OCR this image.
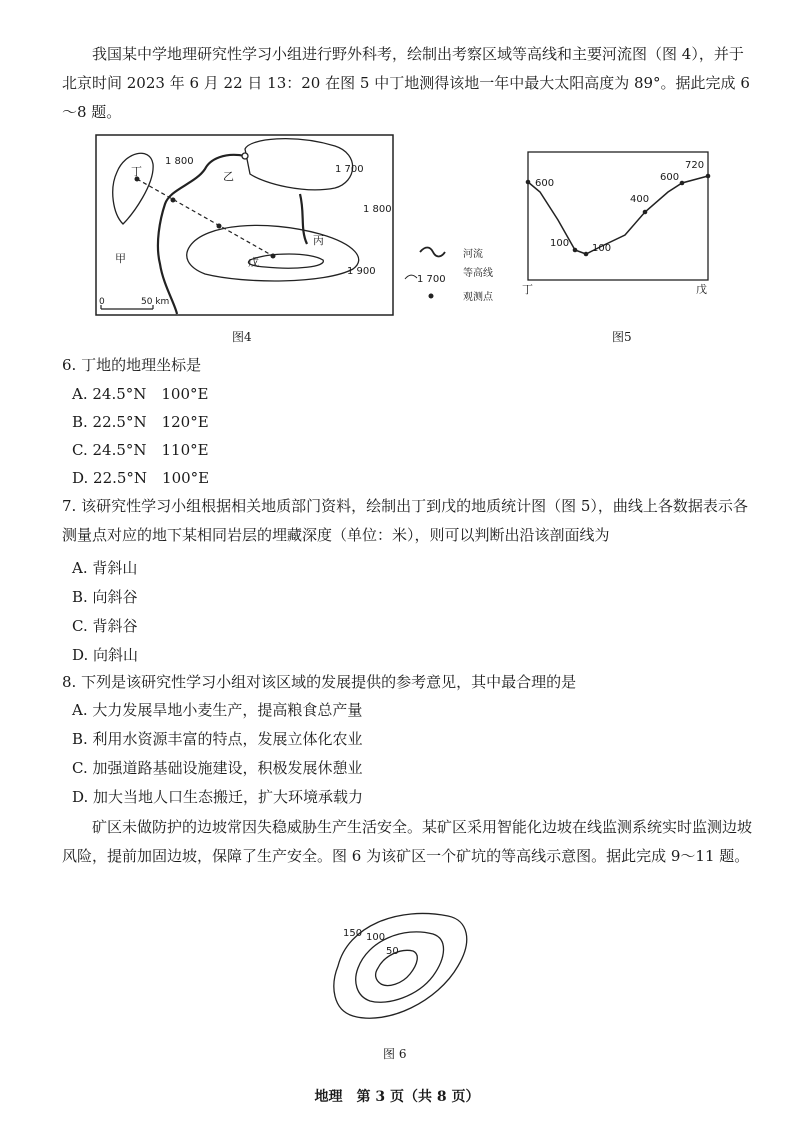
我国某中学地理研究性学习小组进行野外科考，绘制出考察区域等高线和主要河流图（图 4），并于北京时间 2023 年 6 月 22 日 13：20 在图 5 中丁地测得该地一年中最大太阳高度为 89°。据此完成 6～8 题。
丁	乙
丙
甲	戊
1 800
1 700
1 800
1 900
0	50 km
河流
1 700
等高线
观测点
图4
600
100 100
400
600
720
丁	戊
图5
6. 丁地的地理坐标是
A. 24.5°N　100°E
B. 22.5°N　120°E
C. 24.5°N　110°E
D. 22.5°N　100°E
7. 该研究性学习小组根据相关地质部门资料，绘制出丁到戊的地质统计图（图 5），曲线上各数据表示各测量点对应的地下某相同岩层的埋藏深度（单位：米），则可以判断出沿该剖面线为
A. 背斜山
B. 向斜谷
C. 背斜谷
D. 向斜山
8. 下列是该研究性学习小组对该区域的发展提供的参考意见，其中最合理的是
A. 大力发展旱地小麦生产，提高粮食总产量
B. 利用水资源丰富的特点，发展立体化农业
C. 加强道路基础设施建设，积极发展休憩业
D. 加大当地人口生态搬迁，扩大环境承载力
矿区未做防护的边坡常因失稳威胁生产生活安全。某矿区采用智能化边坡在线监测系统实时监测边坡风险，提前加固边坡，保障了生产安全。图 6 为该矿区一个矿坑的等高线示意图。据此完成 9～11 题。
150 100
50
图 6
地理　第 3 页（共 8 页）
